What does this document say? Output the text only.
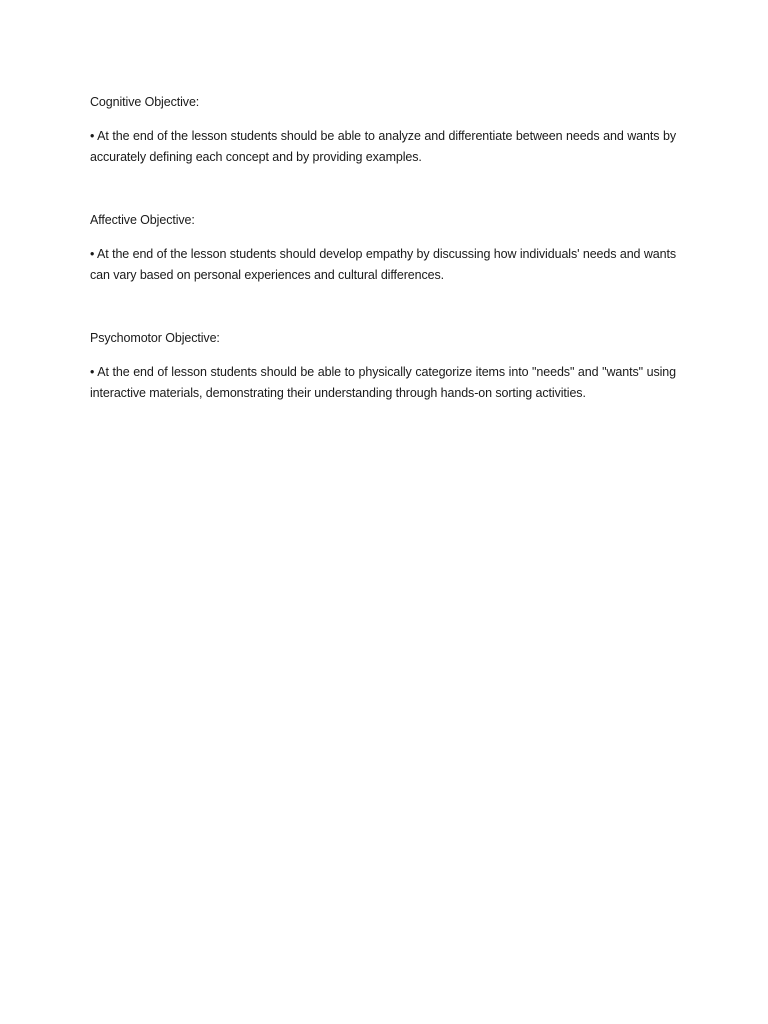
Cognitive Objective:

• At the end of the lesson students should be able to analyze and differentiate between needs and wants by accurately defining each concept and by providing examples.

Affective Objective:

• At the end of the lesson students should develop empathy by discussing how individuals' needs and wants can vary based on personal experiences and cultural differences.

Psychomotor Objective:

• At the end of lesson students should be able to physically categorize items into "needs" and "wants" using interactive materials, demonstrating their understanding through hands-on sorting activities.
